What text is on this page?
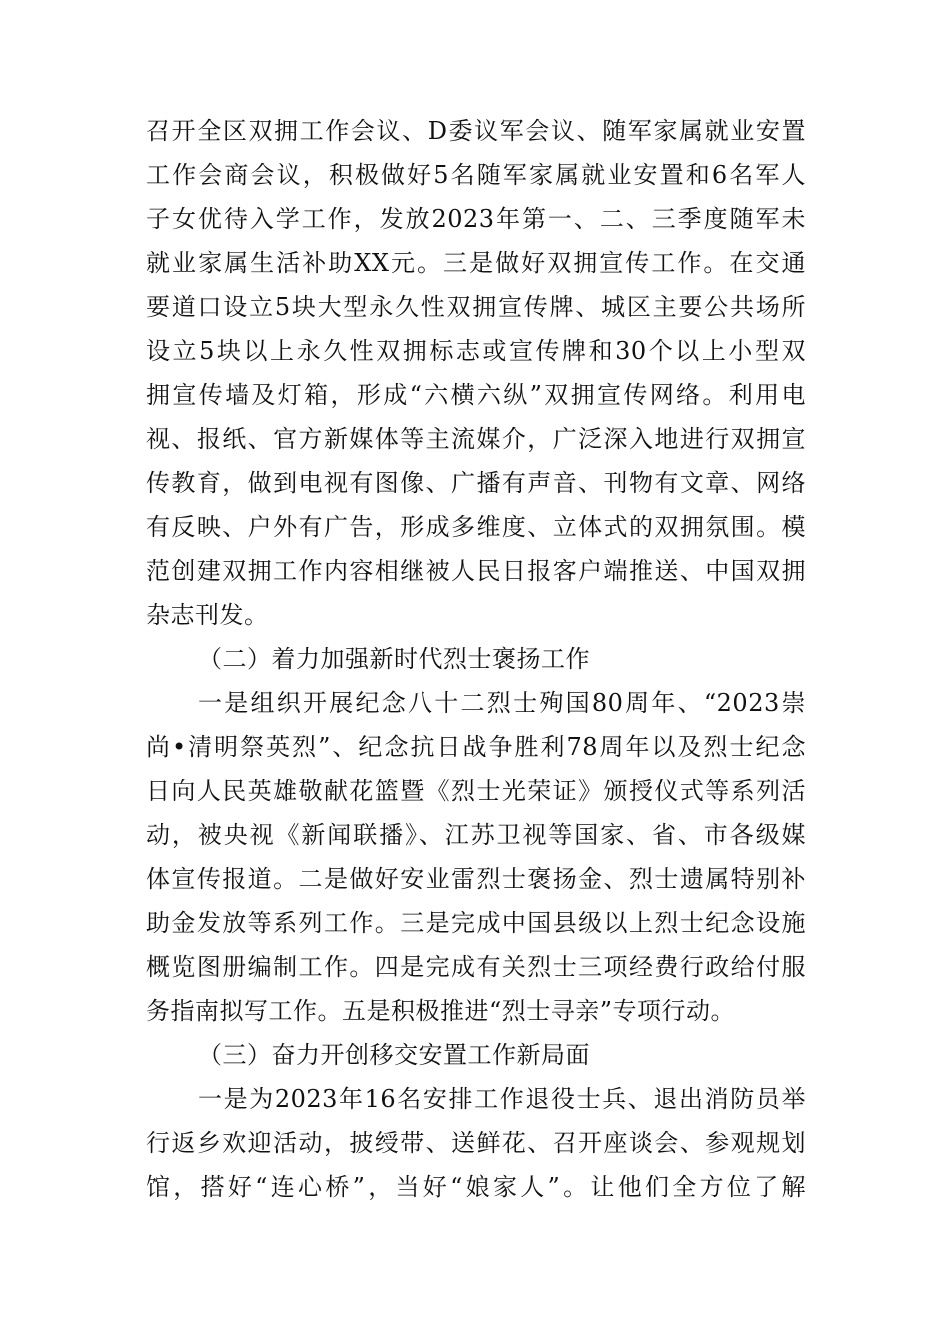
召开全区双拥工作会议、D委议军会议、随军家属就业安置
工作会商会议，积极做好5名随军家属就业安置和6名军人
子女优待入学工作，发放2023年第一、二、三季度随军未
就业家属生活补助XX元。三是做好双拥宣传工作。在交通
要道口设立5块大型永久性双拥宣传牌、城区主要公共场所
设立5块以上永久性双拥标志或宣传牌和30个以上小型双
拥宣传墙及灯箱，形成“六横六纵”双拥宣传网络。利用电
视、报纸、官方新媒体等主流媒介，广泛深入地进行双拥宣
传教育，做到电视有图像、广播有声音、刊物有文章、网络
有反映、户外有广告，形成多维度、立体式的双拥氛围。模
范创建双拥工作内容相继被人民日报客户端推送、中国双拥
杂志刊发。
（二）着力加强新时代烈士褒扬工作
一是组织开展纪念八十二烈士殉国80周年、“2023崇
尚•清明祭英烈”、纪念抗日战争胜利78周年以及烈士纪念
日向人民英雄敬献花篮暨《烈士光荣证》颁授仪式等系列活
动，被央视《新闻联播》、江苏卫视等国家、省、市各级媒
体宣传报道。二是做好安业雷烈士褒扬金、烈士遗属特别补
助金发放等系列工作。三是完成中国县级以上烈士纪念设施
概览图册编制工作。四是完成有关烈士三项经费行政给付服
务指南拟写工作。五是积极推进“烈士寻亲”专项行动。
（三）奋力开创移交安置工作新局面
一是为2023年16名安排工作退役士兵、退出消防员举
行返乡欢迎活动，披绶带、送鲜花、召开座谈会、参观规划
馆，搭好“连心桥”，当好“娘家人”。让他们全方位了解
